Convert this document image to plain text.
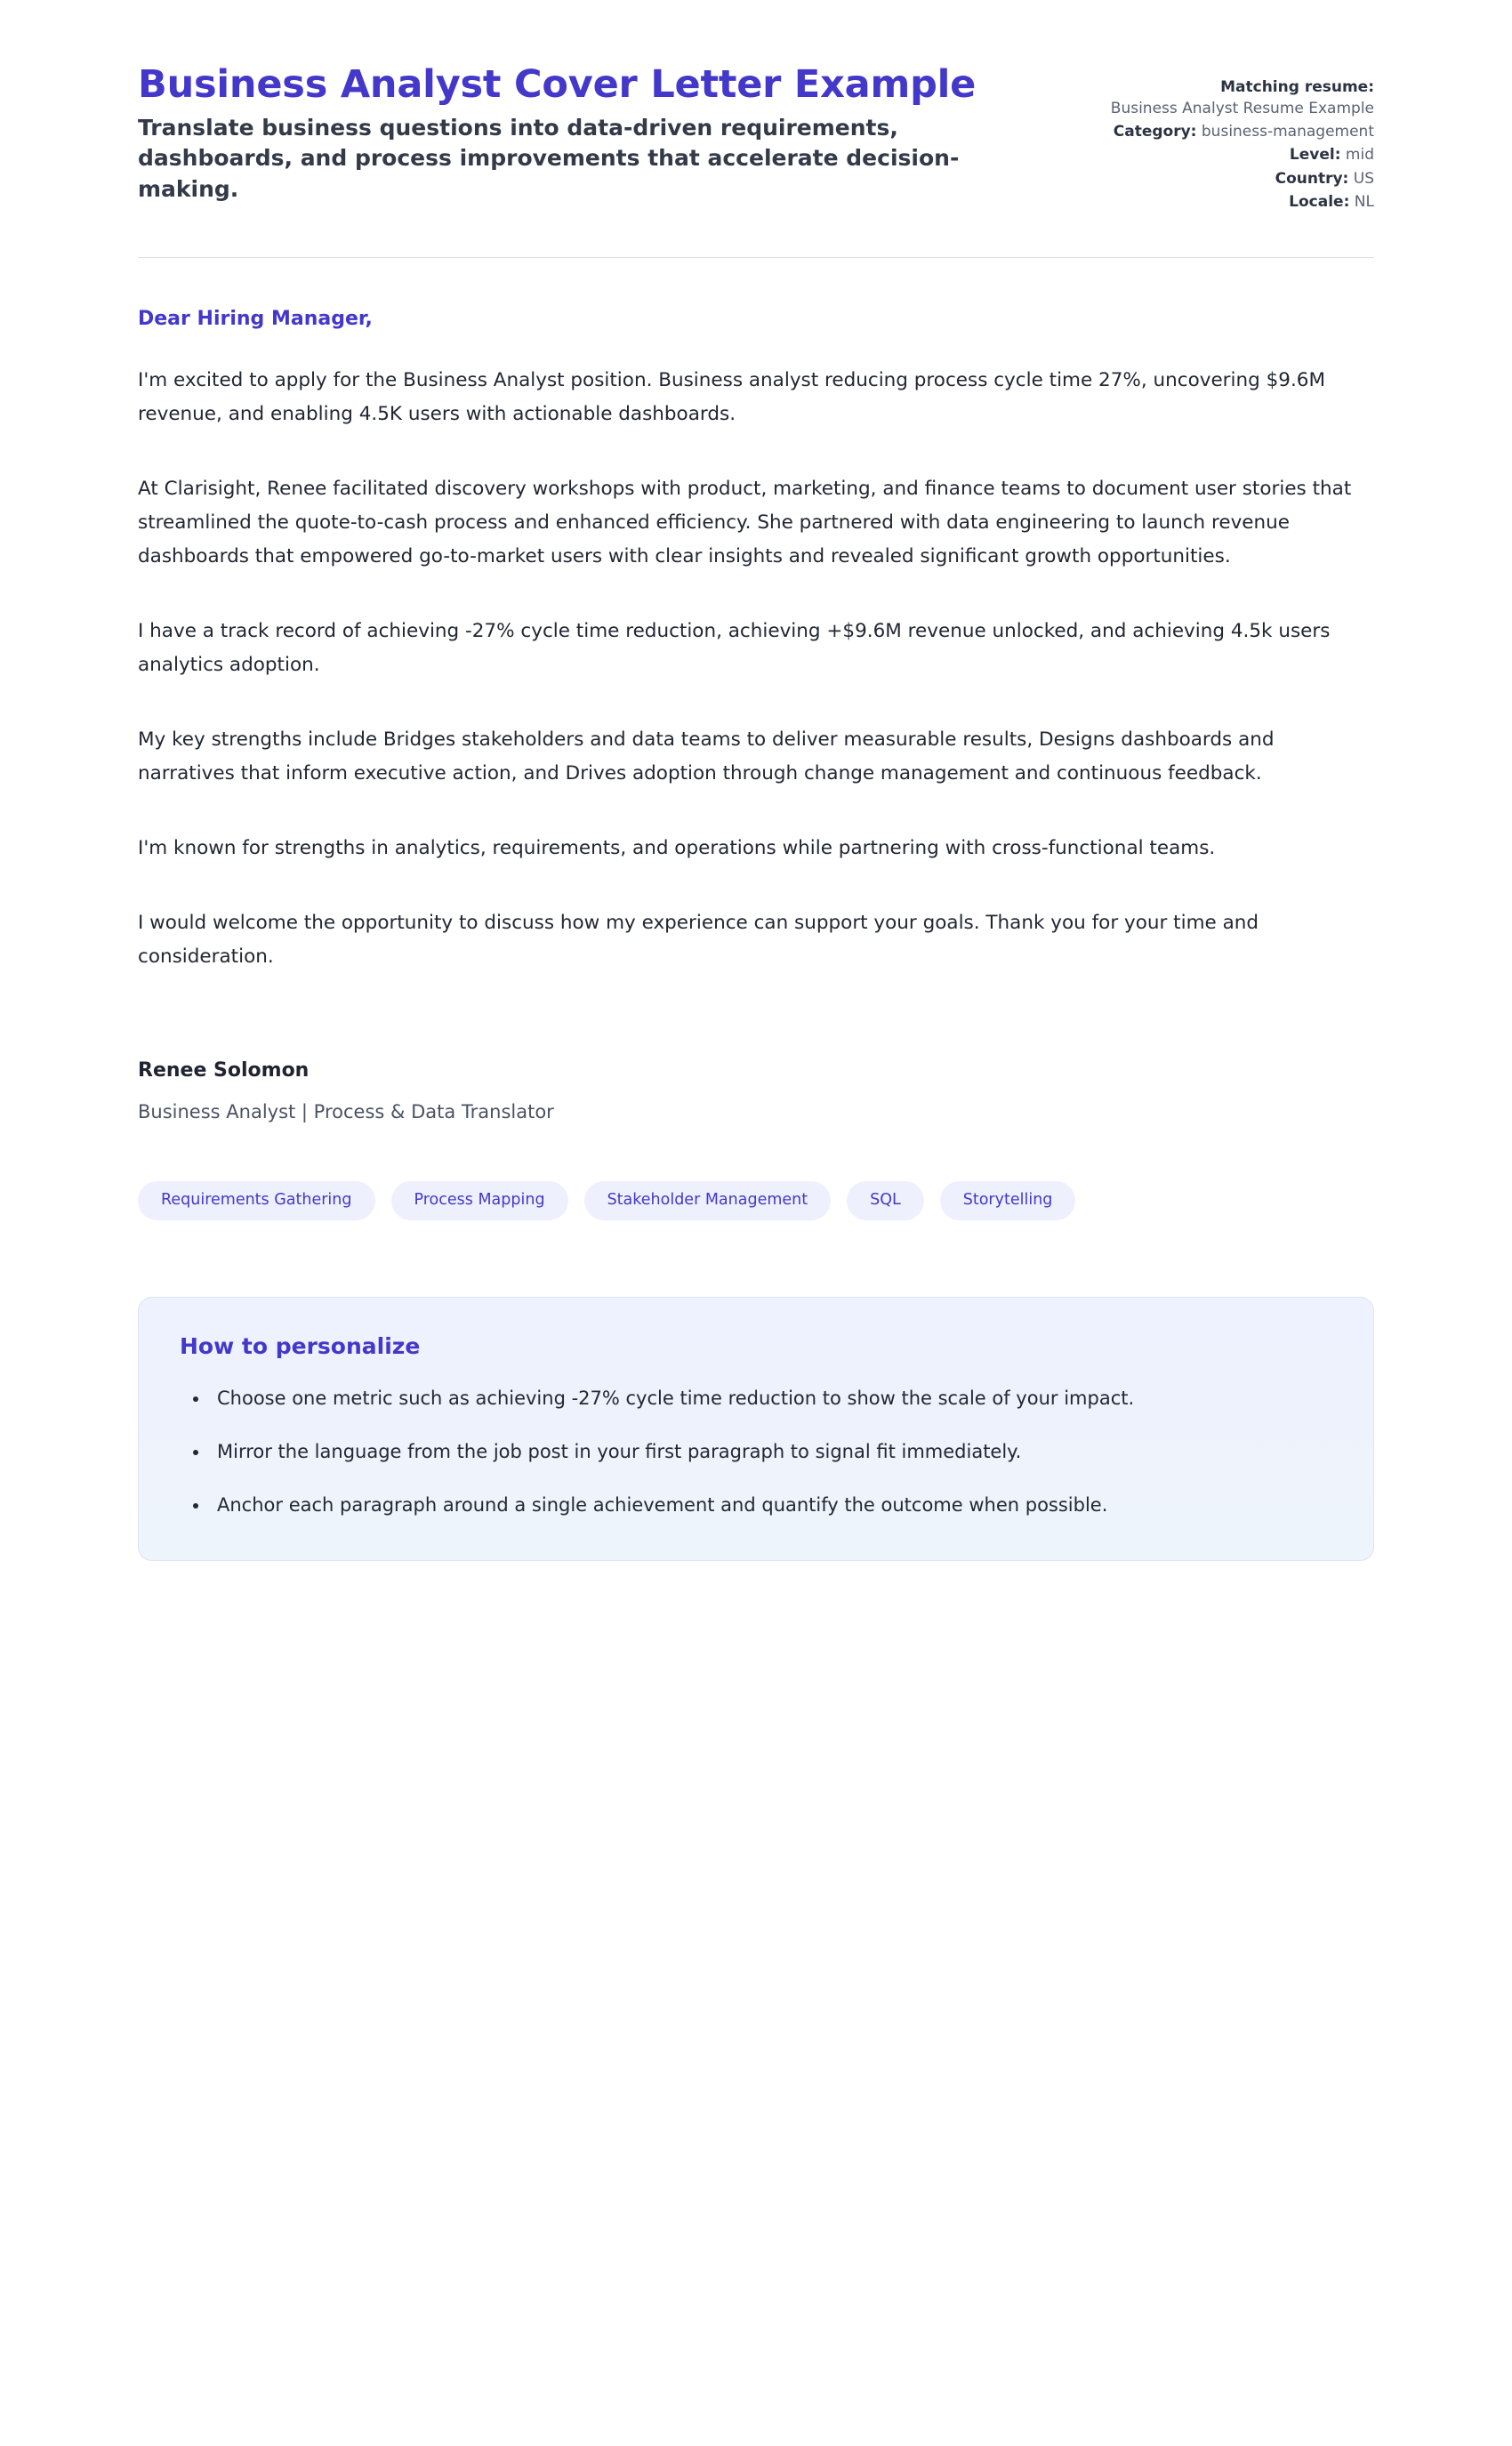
Business Analyst Cover Letter Example

Translate business questions into data-driven requirements, dashboards, and process improvements that accelerate decision-making.

Matching resume:
Business Analyst Resume Example
Category: business-management
Level: mid
Country: US
Locale: NL

Dear Hiring Manager,

I'm excited to apply for the Business Analyst position. Business analyst reducing process cycle time 27%, uncovering $9.6M revenue, and enabling 4.5K users with actionable dashboards.

At Clarisight, Renee facilitated discovery workshops with product, marketing, and finance teams to document user stories that streamlined the quote-to-cash process and enhanced efficiency. She partnered with data engineering to launch revenue dashboards that empowered go-to-market users with clear insights and revealed significant growth opportunities.

I have a track record of achieving -27% cycle time reduction, achieving +$9.6M revenue unlocked, and achieving 4.5k users analytics adoption.

My key strengths include Bridges stakeholders and data teams to deliver measurable results, Designs dashboards and narratives that inform executive action, and Drives adoption through change management and continuous feedback.

I'm known for strengths in analytics, requirements, and operations while partnering with cross-functional teams.

I would welcome the opportunity to discuss how my experience can support your goals. Thank you for your time and consideration.

Renee Solomon

Business Analyst | Process & Data Translator

Requirements Gathering	Process Mapping	Stakeholder Management	SQL	Storytelling
How to personalize
• Choose one metric such as achieving -27% cycle time reduction to show the scale of your impact.
• Mirror the language from the job post in your first paragraph to signal fit immediately.
• Anchor each paragraph around a single achievement and quantify the outcome when possible.
